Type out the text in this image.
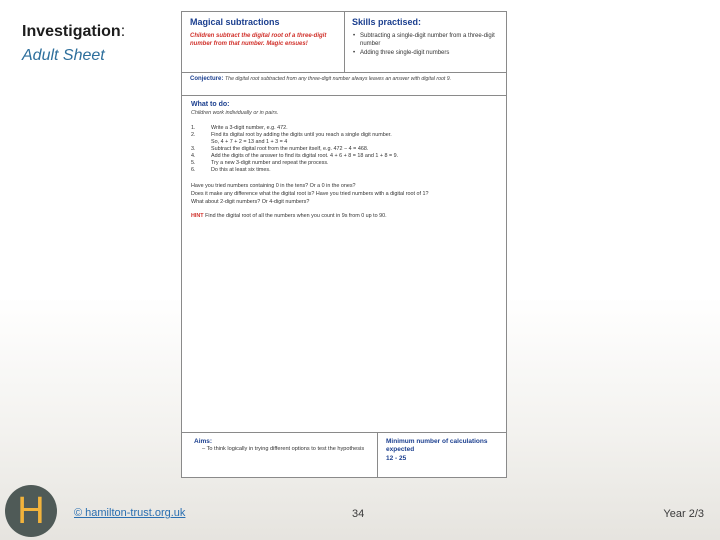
Investigation:
Adult Sheet
Magical subtractions
Children subtract the digital root of a three-digit number from that number. Magic ensues!
Skills practised:
• Subtracting a single-digit number from a three-digit number
• Adding three single-digit numbers
Conjecture: The digital root subtracted from any three-digit number always leaves an answer with digital root 9.
What to do:
Children work individually or in pairs.
1.	Write a 3-digit number, e.g. 472.
2.	Find its digital root by adding the digits until you reach a single digit number.
So, 4 + 7 + 2 = 13 and 1 + 3 = 4
3.	Subtract the digital root from the number itself, e.g. 472 − 4 = 468.
4.	Add the digits of the answer to find its digital root. 4 + 6 + 8 = 18 and 1 + 8 = 9.
5.	Try a new 3-digit number and repeat the process.
6.	Do this at least six times.
Have you tried numbers containing 0 in the tens? Or a 0 in the ones?
Does it make any difference what the digital root is? Have you tried numbers with a digital root of 1?
What about 2-digit numbers? Or 4-digit numbers?
HINT Find the digital root of all the numbers when you count in 9s from 0 up to 90.
Aims:
– To think logically in trying different options to test the hypothesis
Minimum number of calculations expected
12 - 25
H	© hamilton-trust.org.uk	34	Year 2/3
